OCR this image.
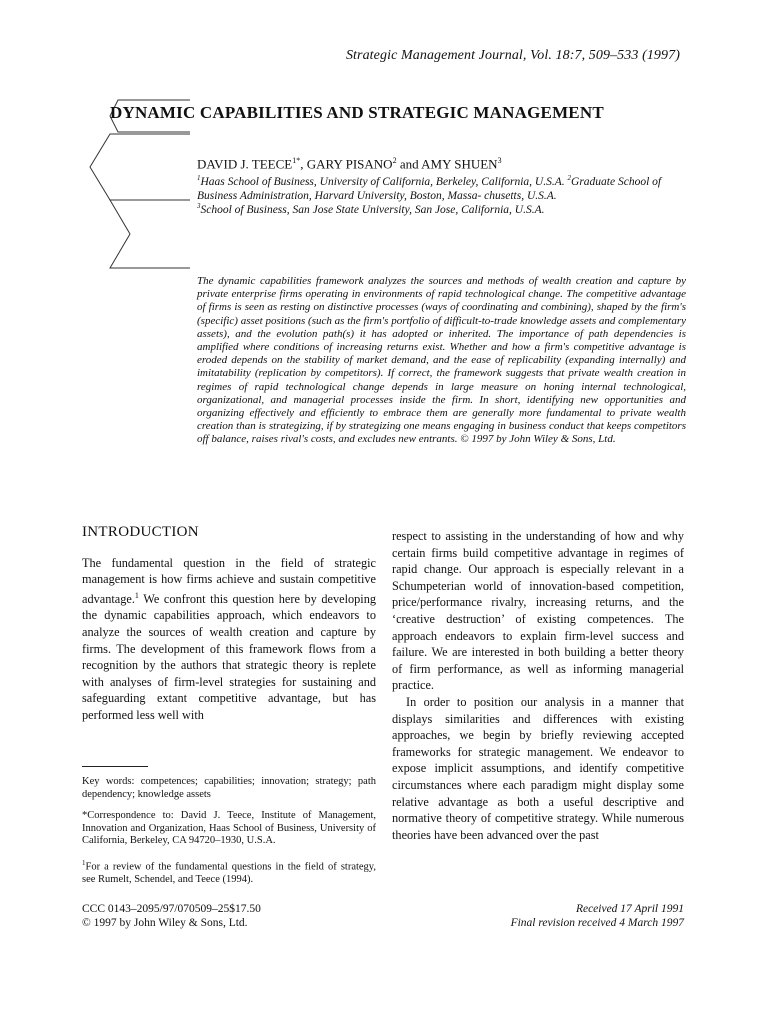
Strategic Management Journal, Vol. 18:7, 509–533 (1997)
DYNAMIC CAPABILITIES AND STRATEGIC MANAGEMENT
DAVID J. $TEECE^{1*}$, GARY PISANO$^2$ and AMY SHUEN$^3$
$^1$Haas School of Business, University of California, Berkeley, California, U.S.A. $^2$Graduate School of Business Administration, Harvard University, Boston, Massa- chusetts, U.S.A.
$^3$School of Business, San Jose State University, San Jose, California, U.S.A.
The dynamic capabilities framework analyzes the sources and methods of wealth creation and capture by private enterprise firms operating in environments of rapid technological change. The competitive advantage of firms is seen as resting on distinctive processes (ways of coordinating and combining), shaped by the firm's (specific) asset positions (such as the firm's portfolio of difficult-to-trade knowledge assets and complementary assets), and the evolution path(s) it has adopted or inherited. The importance of path dependencies is amplified where conditions of increasing returns exist. Whether and how a firm's competitive advantage is eroded depends on the stability of market demand, and the ease of replicability (expanding internally) and imitatability (replication by competitors). If correct, the framework suggests that private wealth creation in regimes of rapid technological change depends in large measure on honing internal technological, organizational, and managerial processes inside the firm. In short, identifying new opportunities and organizing effectively and efficiently to embrace them are generally more fundamental to private wealth creation than is strategizing, if by strategizing one means engaging in business conduct that keeps competitors off balance, raises rival's costs, and excludes new entrants. © 1997 by John Wiley & Sons, Ltd.
INTRODUCTION

The fundamental question in the field of strategic management is how firms achieve and sustain competitive advantage.$^1$ We confront this question here by developing the dynamic capabilities approach, which endeavors to analyze the sources of wealth creation and capture by firms. The development of this framework flows from a recognition by the authors that strategic theory is replete with analyses of firm-level strategies for sustaining and safeguarding extant competitive advantage, but has performed less well with

respect to assisting in the understanding of how and why certain firms build competitive advantage in regimes of rapid change. Our approach is especially relevant in a Schumpeterian world of innovation-based competition, price/performance rivalry, increasing returns, and the ‘creative destruction’ of existing competences. The approach endeavors to explain firm-level success and failure. We are interested in both building a better theory of firm performance, as well as informing managerial practice.

In order to position our analysis in a manner that displays similarities and differences with existing approaches, we begin by briefly reviewing accepted frameworks for strategic management. We endeavor to expose implicit assumptions, and identify competitive circumstances where each paradigm might display some relative advantage as both a useful descriptive and normative theory of competitive strategy. While numerous theories have been advanced over the past

Key words: competences; capabilities; innovation; strategy; path dependency; knowledge assets

*Correspondence to: David J. Teece, Institute of Management, Innovation and Organization, Haas School of Business, University of California, Berkeley, CA 94720–1930, U.S.A.

$^1$For a review of the fundamental questions in the field of strategy, see Rumelt, Schendel, and Teece (1994).

CCC 0143–2095/97/070509–25$17.50
© 1997 by John Wiley & Sons, Ltd.
Received 17 April 1991
Final revision received 4 March 1997
